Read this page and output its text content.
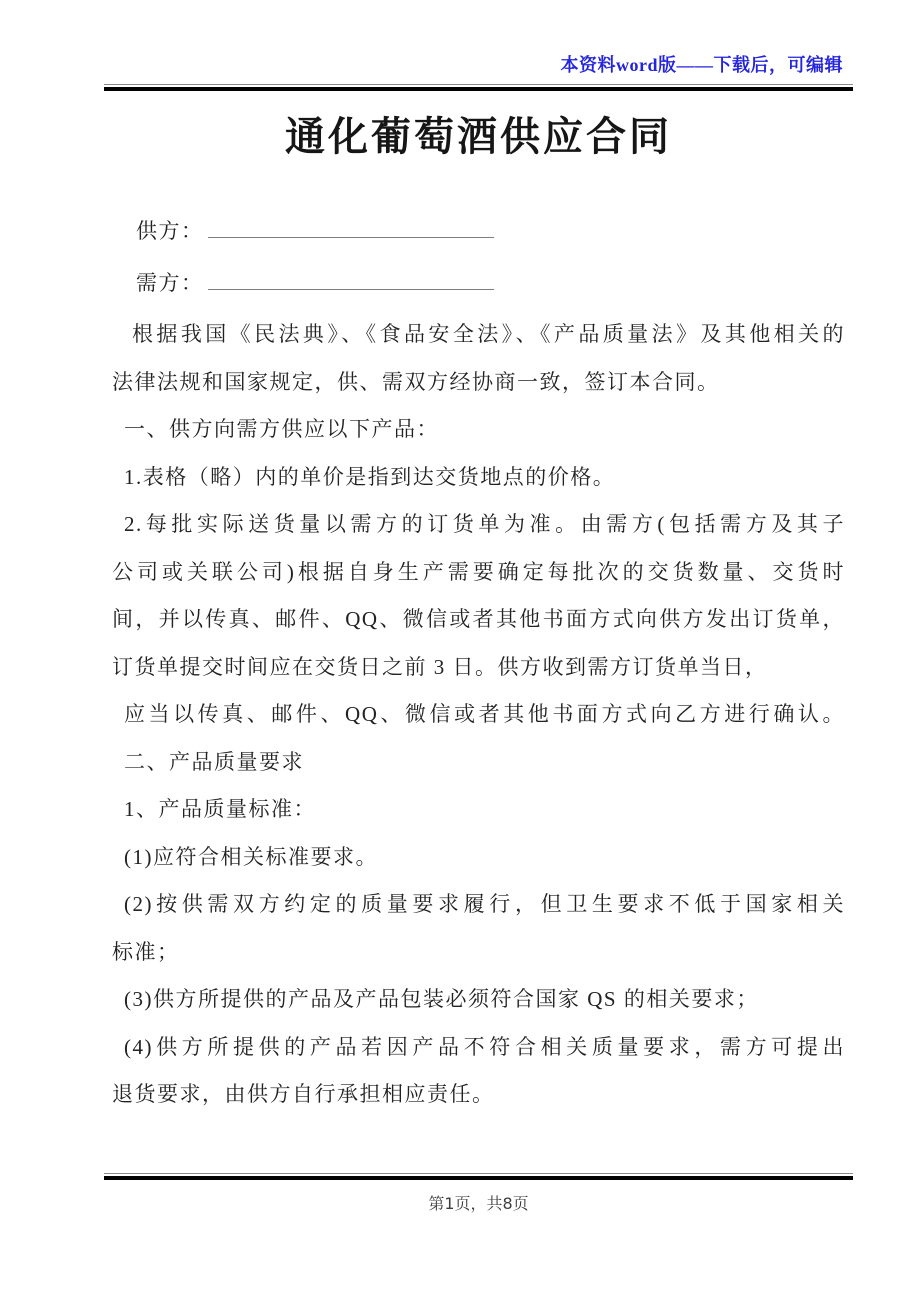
本资料word版——下载后，可编辑
通化葡萄酒供应合同
供方：
需方：
根据我国《民法典》、《食品安全法》、《产品质量法》及其他相关的
法律法规和国家规定，供、需双方经协商一致，签订本合同。
一、供方向需方供应以下产品：
1.表格（略）内的单价是指到达交货地点的价格。
2.每批实际送货量以需方的订货单为准。由需方(包括需方及其子
公司或关联公司)根据自身生产需要确定每批次的交货数量、交货时
间，并以传真、邮件、QQ、微信或者其他书面方式向供方发出订货单，
订货单提交时间应在交货日之前 3 日。供方收到需方订货单当日，
应当以传真、邮件、QQ、微信或者其他书面方式向乙方进行确认。
二、产品质量要求
1、产品质量标准：
(1)应符合相关标准要求。
(2)按供需双方约定的质量要求履行，但卫生要求不低于国家相关
标准；
(3)供方所提供的产品及产品包装必须符合国家 QS 的相关要求；
(4)供方所提供的产品若因产品不符合相关质量要求，需方可提出
退货要求，由供方自行承担相应责任。
第1页，共8页
